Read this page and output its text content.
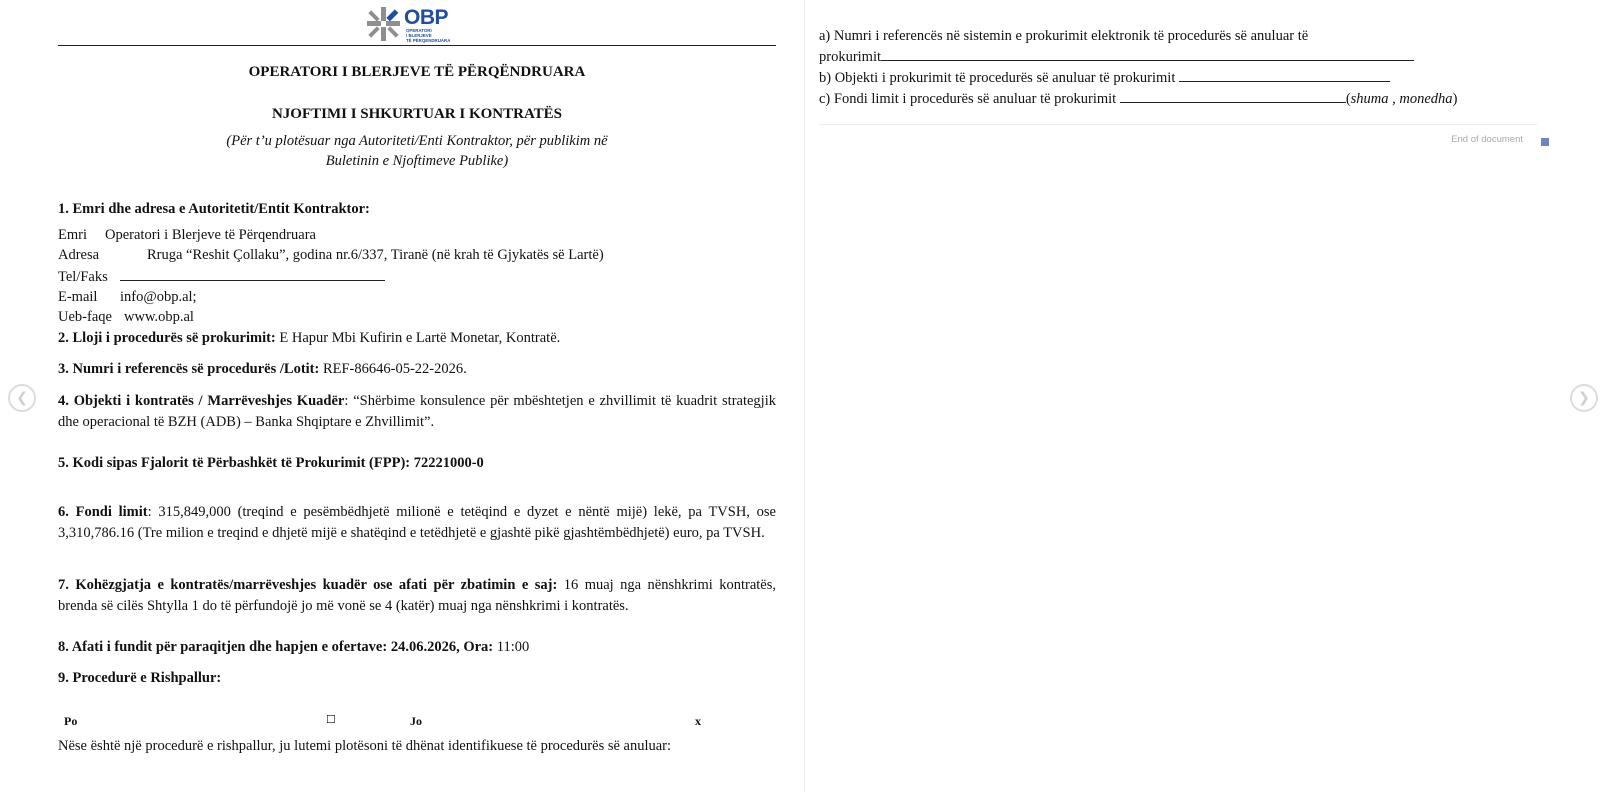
❮	❯
OBP
OPERATORI
I BLERJEVE
TË PËRQENDRUARA
OPERATORI I BLERJEVE TË PËRQËNDRUARA
NJOFTIMI I SHKURTUAR I KONTRATËS
(Për t’u plotësuar nga Autoriteti/Enti Kontraktor, për publikim në
Buletinin e Njoftimeve Publike)
1. Emri dhe adresa e Autoritetit/Entit Kontraktor:
Emri Operatori i Blerjeve të Përqendruara
Adresa	Rruga “Reshit Çollaku”, godina nr.6/337, Tiranë (në krah të Gjykatës së Lartë)
Tel/Faks
E-mail info@obp.al;
Ueb-faqe www.obp.al
2. Lloji i procedurës së prokurimit: E Hapur Mbi Kufirin e Lartë Monetar, Kontratë.
3. Numri i referencës së procedurës /Lotit: REF-86646-05-22-2026.
4. Objekti i kontratës / Marrëveshjes Kuadër: “Shërbime konsulence për mbështetjen e zhvillimit të kuadrit strategjik dhe operacional të BZH (ADB) – Banka Shqiptare e Zhvillimit”.
5. Kodi sipas Fjalorit të Përbashkët të Prokurimit (FPP): 72221000-0
6. Fondi limit: 315,849,000 (treqind e pesëmbëdhjetë milionë e tetëqind e dyzet e nëntë mijë) lekë, pa TVSH, ose 3,310,786.16 (Tre milion e treqind e dhjetë mijë e shatëqind e tetëdhjetë e gjashtë pikë gjashtëmbëdhjetë) euro, pa TVSH.
7. Kohëzgjatja e kontratës/marrëveshjes kuadër ose afati për zbatimin e saj: 16 muaj nga nënshkrimi kontratës, brenda së cilës Shtylla 1 do të përfundojë jo më vonë se 4 (katër) muaj nga nënshkrimi i kontratës.
8. Afati i fundit për paraqitjen dhe hapjen e ofertave: 24.06.2026, Ora: 11:00
9. Procedurë e Rishpallur:
Po	☐	Jo	x
Nëse është një procedurë e rishpallur, ju lutemi plotësoni të dhënat identifikuese të procedurës së anuluar:
a) Numri i referencës në sistemin e prokurimit elektronik të procedurës së anuluar të
prokurimit
b) Objekti i prokurimit të procedurës së anuluar të prokurimit
c) Fondi limit i procedurës së anuluar të prokurimit	(shuma , monedha)
End of document
